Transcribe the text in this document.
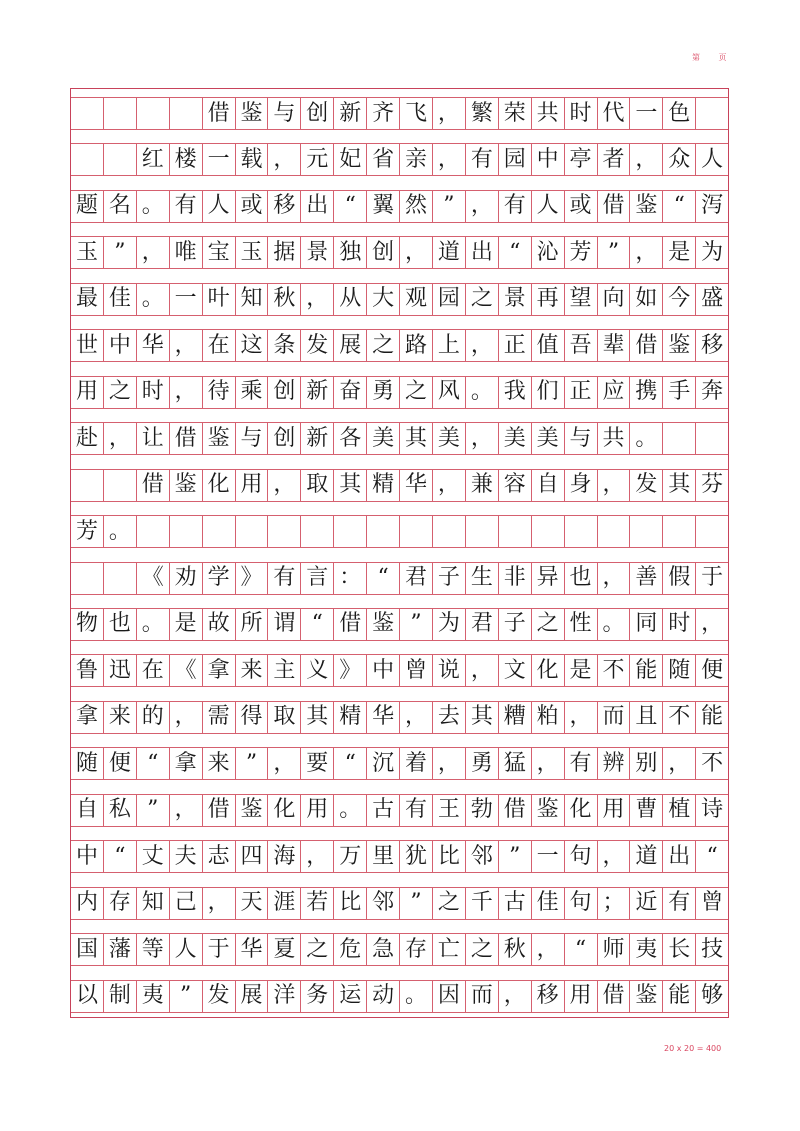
第 页
借 鉴 与 创 新 齐 飞 ， 繁 荣 共 时 代 一 色
红 楼 一 载 ， 元 妃 省 亲 ， 有 园 中 亭 者 ， 众 人
题 名 。 有 人 或 移 出 “ 翼 然 ” ， 有 人 或 借 鉴 “ 泻
玉 ” ， 唯 宝 玉 据 景 独 创 ， 道 出 “ 沁 芳 ” ， 是 为
最 佳 。 一 叶 知 秋 ， 从 大 观 园 之 景 再 望 向 如 今 盛
世 中 华 ， 在 这 条 发 展 之 路 上 ， 正 值 吾 辈 借 鉴 移
用 之 时 ， 待 乘 创 新 奋 勇 之 风 。 我 们 正 应 携 手 奔
赴 ， 让 借 鉴 与 创 新 各 美 其 美 ， 美 美 与 共 。
借 鉴 化 用 ， 取 其 精 华 ， 兼 容 自 身 ， 发 其 芬
芳 。
《 劝 学 》 有 言 ： “ 君 子 生 非 异 也 ， 善 假 于
物 也 。 是 故 所 谓 “ 借 鉴 ” 为 君 子 之 性 。 同 时 ，
鲁 迅 在 《 拿 来 主 义 》 中 曾 说 ， 文 化 是 不 能 随 便
拿 来 的 ， 需 得 取 其 精 华 ， 去 其 糟 粕 ， 而 且 不 能
随 便 “ 拿 来 ” ， 要 “ 沉 着 ， 勇 猛 ， 有 辨 别 ， 不
自 私 ” ， 借 鉴 化 用 。 古 有 王 勃 借 鉴 化 用 曹 植 诗
中 “ 丈 夫 志 四 海 ， 万 里 犹 比 邻 ” 一 句 ， 道 出 “
内 存 知 己 ， 天 涯 若 比 邻 ” 之 千 古 佳 句 ； 近 有 曾
国 藩 等 人 于 华 夏 之 危 急 存 亡 之 秋 ， “ 师 夷 长 技
以 制 夷 ” 发 展 洋 务 运 动 。 因 而 ， 移 用 借 鉴 能 够
20 x 20 = 400
